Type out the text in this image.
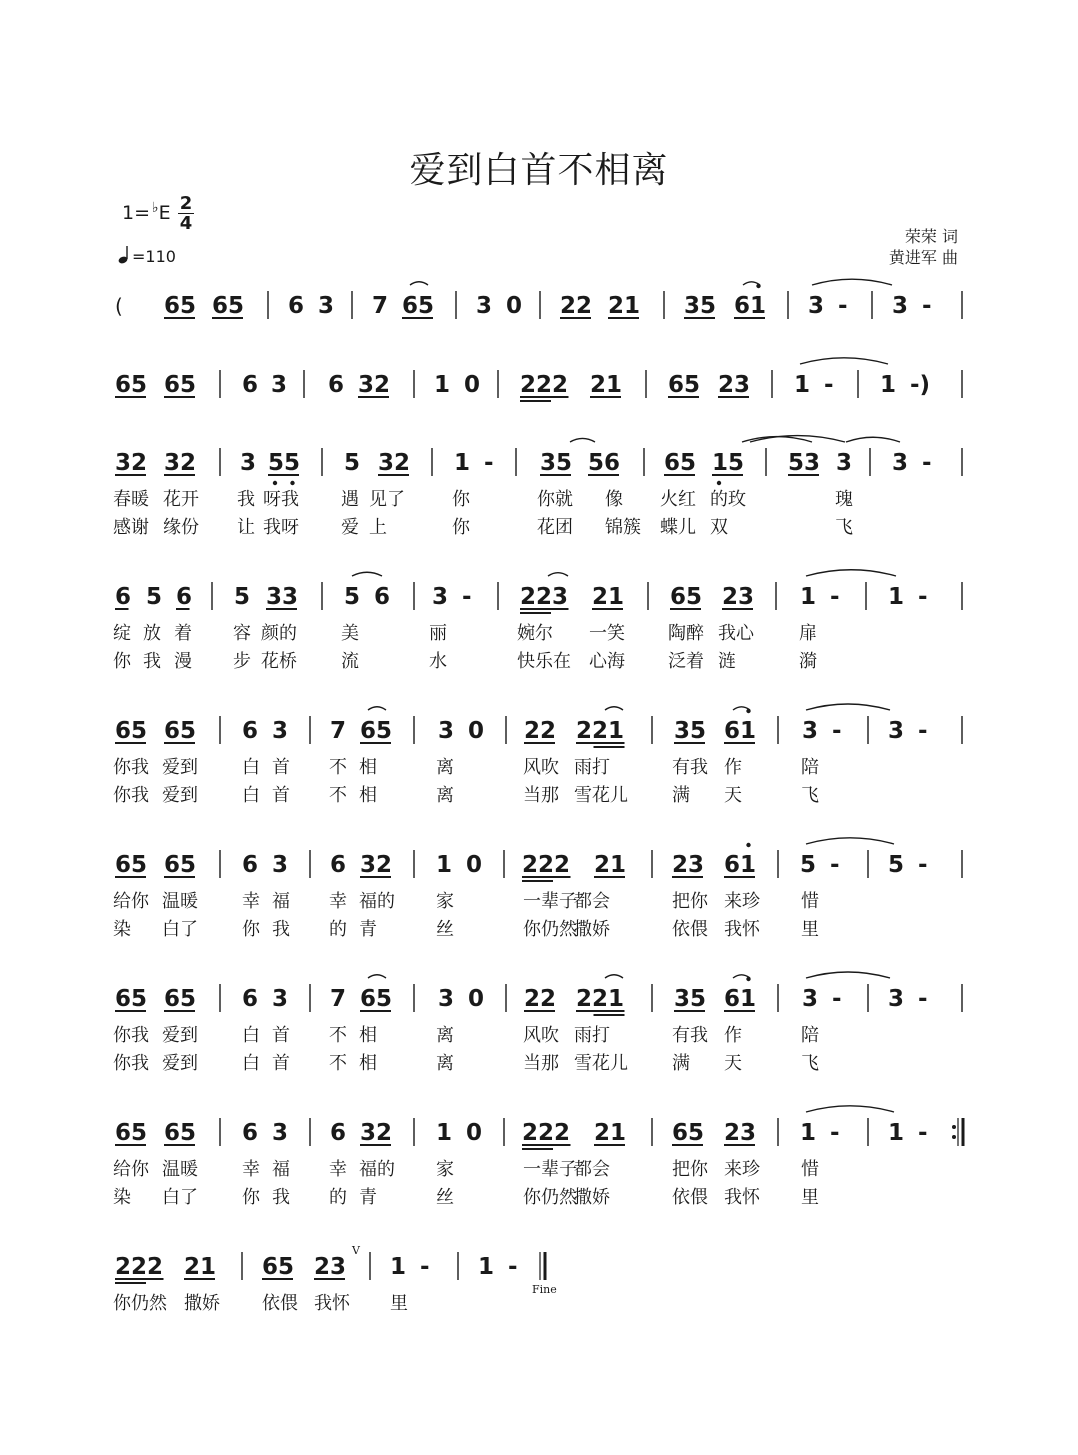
爱到白首不相离
1= ♭E 2
4
=110
荣荣 词
黄进军 曲
( 65 65 6 3 7 65 3 0 22 21 35 61 3 - 3 -
65 65 6 3 6 32 1 0 222 21 65 23 1 - 1 -)
32 32 3 55 5 32 1 - 35 56 65 15 53 3 3 -
春暖 花开 我 呀我 遇 见了	你	你就 像 火红 的玫	瑰
感谢 缘份 让 我呀 爱 上	你	花团 锦簇 蝶儿 双	飞
6 5 6 5 33 5 6 3 - 223 21 65 23 1 - 1 -
绽 放 着 容 颜的 美	丽	婉尔 一笑 陶醉 我心	扉
你 我 漫 步 花桥 流	水	快乐在 心海 泛着 涟	漪
65 65 6 3 7 65 3 0 22 221 35 61 3 - 3 -
你我 爱到 白 首 不 相	离	风吹 雨打	有我 作	陪
你我 爱到 白 首 不 相	离	当那 雪花儿 满 天	飞
65 65 6 3 6 32 1 0 222 21 23 61 5 - 5 -
给你 温暖 幸 福 幸 福的 家	一辈子
都会	把你 来珍 惜
染 白了 你 我 的 青	丝	你仍然
撒娇	依偎 我怀 里
65 65 6 3 7 65 3 0 22 221 35 61 3 - 3 -
你我 爱到 白 首 不 相	离	风吹 雨打	有我 作	陪
你我 爱到 白 首 不 相	离	当那 雪花儿 满 天	飞
65 65 6 3 6 32 1 0 222 21 65 23 1 - 1 -
给你 温暖 幸 福 幸 福的 家	一辈子
都会	把你 来珍 惜
染 白了 你 我 的 青	丝	你仍然
撒娇	依偎 我怀 里
222 21 65 23 1 - 1 -
Fine
V
你仍然 撒娇 依偎 我怀 里
